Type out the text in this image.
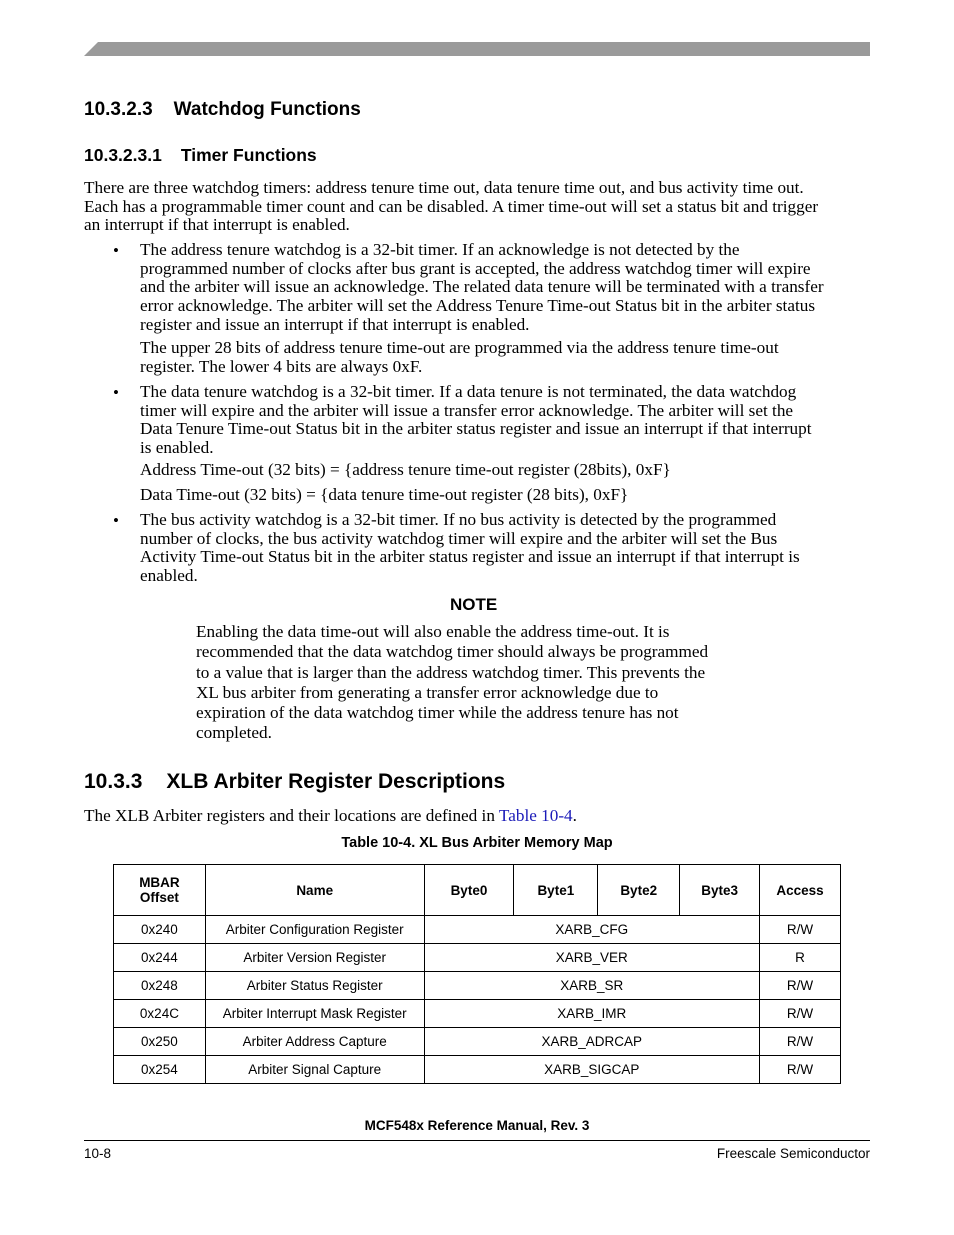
10.3.2.3 Watchdog Functions
10.3.2.3.1 Timer Functions
There are three watchdog timers: address tenure time out, data tenure time out, and bus activity time out.
Each has a programmable timer count and can be disabled. A timer time-out will set a status bit and trigger
an interrupt if that interrupt is enabled.
• The address tenure watchdog is a 32-bit timer. If an acknowledge is not detected by the
programmed number of clocks after bus grant is accepted, the address watchdog timer will expire
and the arbiter will issue an acknowledge. The related data tenure will be terminated with a transfer
error acknowledge. The arbiter will set the Address Tenure Time-out Status bit in the arbiter status
register and issue an interrupt if that interrupt is enabled.
The upper 28 bits of address tenure time-out are programmed via the address tenure time-out
register. The lower 4 bits are always 0xF.
• The data tenure watchdog is a 32-bit timer. If a data tenure is not terminated, the data watchdog
timer will expire and the arbiter will issue a transfer error acknowledge. The arbiter will set the
Data Tenure Time-out Status bit in the arbiter status register and issue an interrupt if that interrupt
is enabled.
Address Time-out (32 bits) = {address tenure time-out register (28bits), 0xF}
Data Time-out (32 bits) = {data tenure time-out register (28 bits), 0xF}
• The bus activity watchdog is a 32-bit timer. If no bus activity is detected by the programmed
number of clocks, the bus activity watchdog timer will expire and the arbiter will set the Bus
Activity Time-out Status bit in the arbiter status register and issue an interrupt if that interrupt is
enabled.
NOTE
Enabling the data time-out will also enable the address time-out. It is
recommended that the data watchdog timer should always be programmed
to a value that is larger than the address watchdog timer. This prevents the
XL bus arbiter from generating a transfer error acknowledge due to
expiration of the data watchdog timer while the address tenure has not
completed.
10.3.3 XLB Arbiter Register Descriptions
The XLB Arbiter registers and their locations are defined in Table 10-4.
Table 10-4. XL Bus Arbiter Memory Map
MBAR
Offset	Name	Byte0	Byte1	Byte2	Byte3	Access
0x240	Arbiter Configuration Register	XARB_CFG				R/W
0x244	Arbiter Version Register	XARB_VER				R
0x248	Arbiter Status Register	XARB_SR				R/W
0x24C	Arbiter Interrupt Mask Register	XARB_IMR				R/W
0x250	Arbiter Address Capture	XARB_ADRCAP				R/W
0x254	Arbiter Signal Capture	XARB_SIGCAP				R/W
MCF548x Reference Manual, Rev. 3
10-8	Freescale Semiconductor
